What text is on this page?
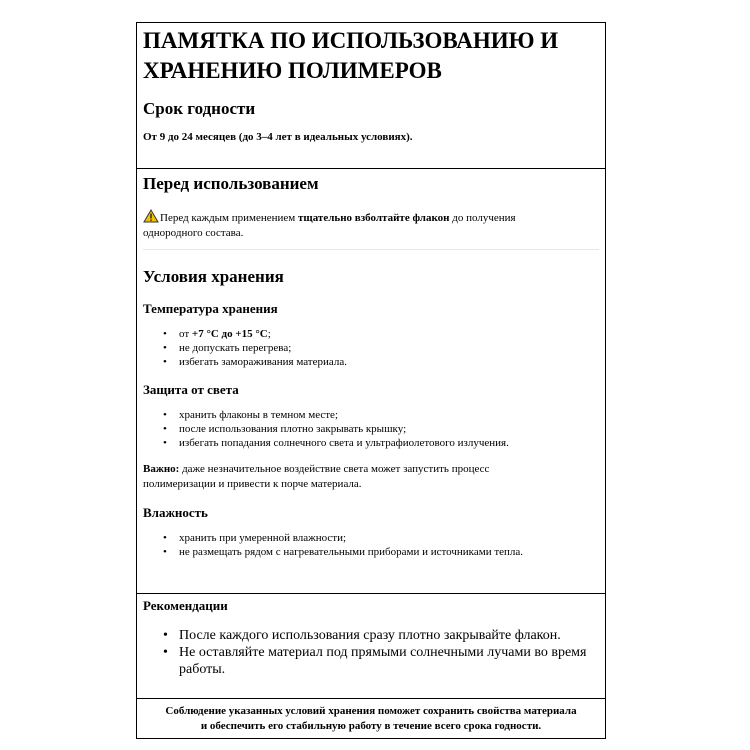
ПАМЯТКА ПО ИСПОЛЬЗОВАНИЮ И
ХРАНЕНИЮ ПОЛИМЕРОВ
Срок годности

От 9 до 24 месяцев (до 3–4 лет в идеальных условиях).

Перед использованием

Перед каждым применением тщательно взболтайте флакон до получения
однородного состава.

Условия хранения
Температура хранения
• от +7 °C до +15 °C;
• не допускать перегрева;
• избегать замораживания материала.
Защита от света
• хранить флаконы в темном месте;
• после использования плотно закрывать крышку;
• избегать попадания солнечного света и ультрафиолетового излучения.

Важно: даже незначительное воздействие света может запустить процесс
полимеризации и привести к порче материала.

Влажность
• хранить при умеренной влажности;
• не размещать рядом с нагревательными приборами и источниками тепла.
Рекомендации
• После каждого использования сразу плотно закрывайте флакон.
• Не оставляйте материал под прямыми солнечными лучами во время
работы.
Соблюдение указанных условий хранения поможет сохранить свойства материала
и обеспечить его стабильную работу в течение всего срока годности.
